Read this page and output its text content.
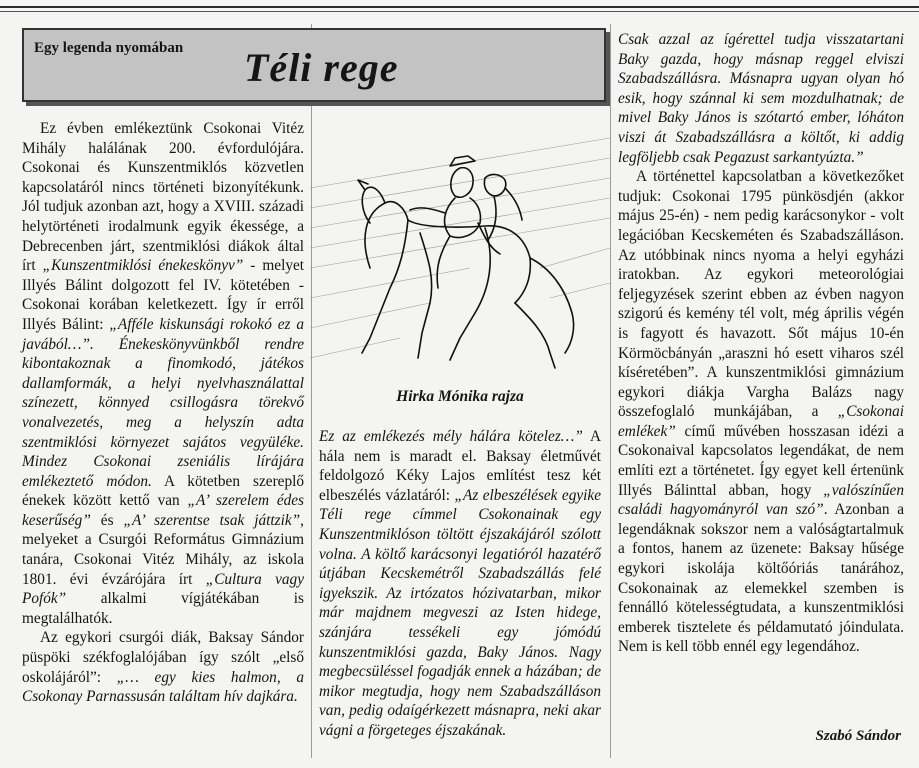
Egy legenda nyomában Téli rege

Ez évben emlékeztünk Csokonai Vitéz Mihály halálának 200. évfordulójára. Csokonai és Kunszentmiklós közvetlen kapcsolatáról nincs történeti bizonyítékunk. Jól tudjuk azonban azt, hogy a XVIII. századi helytörténeti irodalmunk egyik ékessége, a Debrecenben járt, szentmiklósi diákok által írt „Kunszentmiklósi énekeskönyv” - melyet Illyés Bálint dolgozott fel IV. kötetében - Csokonai korában keletkezett. Így ír erről Illyés Bálint: „Afféle kiskunsági rokokó ez a javából…”. Énekeskönyvünkből rendre kibontakoznak a finomkodó, játékos dallamformák, a helyi nyelvhasználattal színezett, könnyed csillogásra törekvő vonalvezetés, meg a helyszín adta szentmiklósi környezet sajátos vegyüléke. Mindez Csokonai zseniális lírájára emlékeztető módon. A kötetben szereplő énekek között kettő van „A’ szerelem édes keserűség” és „A’ szerentse tsak játtzik”, melyeket a Csurgói Református Gimnázium tanára, Csokonai Vitéz Mihály, az iskola 1801. évi évzárójára írt „Cultura vagy Pofók” alkalmi vígjátékában is megtalálhatók.

Az egykori csurgói diák, Baksay Sándor püspöki székfoglalójában így szólt „első oskolájáról”: „… egy kies halmon, a Csokonay Parnassusán találtam hív dajkára.

Hirka Mónika rajza

Ez az emlékezés mély hálára kötelez…” A hála nem is maradt el. Baksay életművét feldolgozó Kéky Lajos említést tesz két elbeszélés vázlatáról: „Az elbeszélések egyike Téli rege címmel Csokonainak egy Kunszentmiklóson töltött éjszakájáról szólott volna. A költő karácsonyi legatióról hazatérő útjában Kecskemétről Szabadszállás felé igyekszik. Az irtózatos hózivatarban, mikor már majdnem megveszi az Isten hidege, szánjára tessékeli egy jómódú kunszentmiklósi gazda, Baky János. Nagy megbecsüléssel fogadják ennek a házában; de mikor megtudja, hogy nem Szabadszálláson van, pedig odaígérkezett másnapra, neki akar vágni a förgeteges éjszakának.

Csak azzal az ígérettel tudja visszatartani Baky gazda, hogy másnap reggel elviszi Szabadszállásra. Másnapra ugyan olyan hó esik, hogy szánnal ki sem mozdulhatnak; de mivel Baky János is szótartó ember, lóháton viszi át Szabadszállásra a költőt, ki addig legföljebb csak Pegazust sarkantyúzta.”

A történettel kapcsolatban a következőket tudjuk: Csokonai 1795 pünkösdjén (akkor május 25-én) - nem pedig karácsonykor - volt legációban Kecskeméten és Szabadszálláson. Az utóbbinak nincs nyoma a helyi egyházi iratokban. Az egykori meteorológiai feljegyzések szerint ebben az évben nagyon szigorú és kemény tél volt, még április végén is fagyott és havazott. Sőt május 10-én Körmöcbányán „araszni hó esett viharos szél kíséretében”. A kunszentmiklósi gimnázium egykori diákja Vargha Balázs nagy összefoglaló munkájában, a „Csokonai emlékek” című művében hosszasan idézi a Csokonaival kapcsolatos legendákat, de nem említi ezt a történetet. Így egyet kell értenünk Illyés Bálinttal abban, hogy „valószínűen családi hagyományról van szó”. Azonban a legendáknak sokszor nem a valóságtartalmuk a fontos, hanem az üzenete: Baksay hűsége egykori iskolája költőóriás tanárához, Csokonainak az elemekkel szemben is fennálló kötelességtudata, a kunszentmiklósi emberek tisztelete és példamutató jóindulata. Nem is kell több ennél egy legendához.

Szabó Sándor
